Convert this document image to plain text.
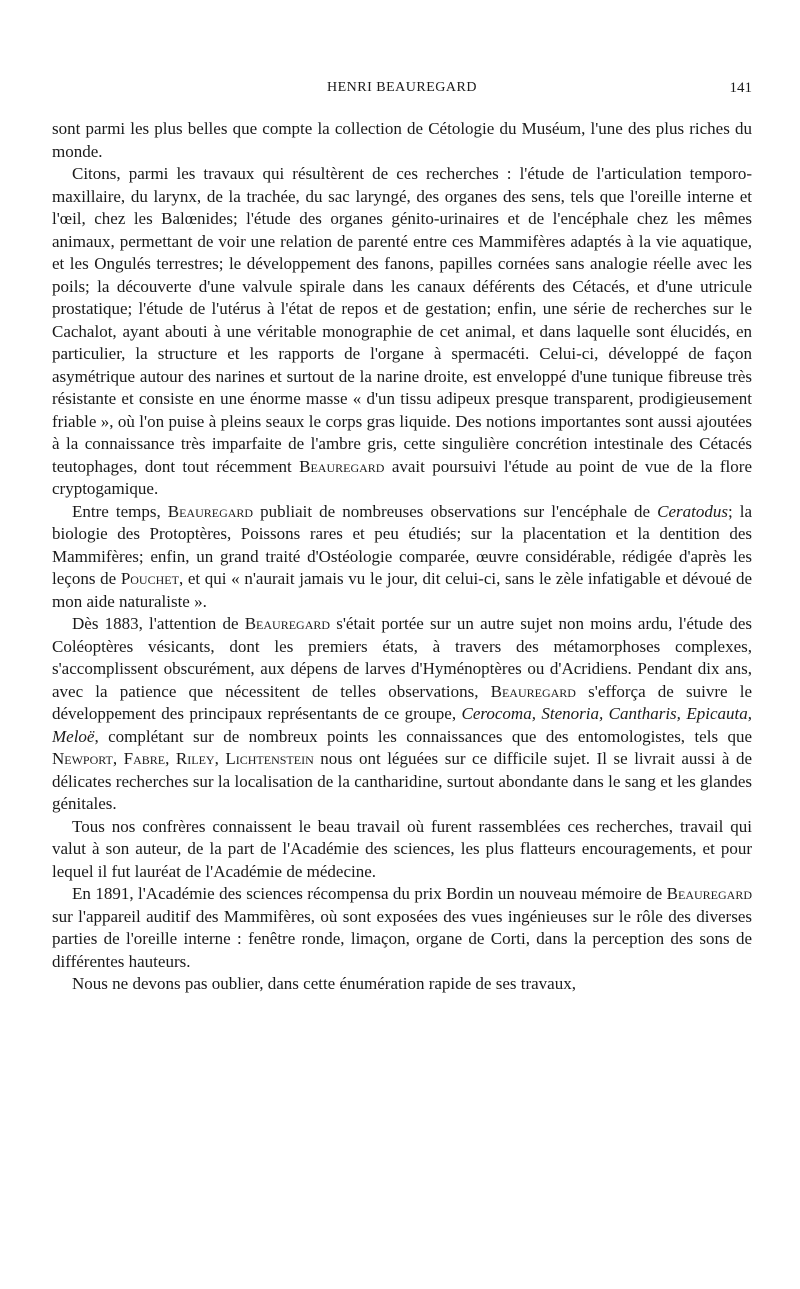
HENRI BEAUREGARD	141

sont parmi les plus belles que compte la collection de Cétologie du Muséum, l'une des plus riches du monde.

Citons, parmi les travaux qui résultèrent de ces recherches : l'étude de l'articulation temporo-maxillaire, du larynx, de la trachée, du sac laryngé, des organes des sens, tels que l'oreille interne et l'œil, chez les Balœnides; l'étude des organes génito-urinaires et de l'encéphale chez les mêmes animaux, permettant de voir une relation de parenté entre ces Mammifères adaptés à la vie aquatique, et les Ongulés terrestres; le développement des fanons, papilles cornées sans analogie réelle avec les poils; la découverte d'une valvule spirale dans les canaux déférents des Cétacés, et d'une utricule prostatique; l'étude de l'utérus à l'état de repos et de gestation; enfin, une série de recherches sur le Cachalot, ayant abouti à une véritable monographie de cet animal, et dans laquelle sont élucidés, en particulier, la structure et les rapports de l'organe à spermacéti. Celui-ci, développé de façon asymétrique autour des narines et surtout de la narine droite, est enveloppé d'une tunique fibreuse très résistante et consiste en une énorme masse « d'un tissu adipeux presque transparent, prodigieusement friable », où l'on puise à pleins seaux le corps gras liquide. Des notions importantes sont aussi ajoutées à la connaissance très imparfaite de l'ambre gris, cette singulière concrétion intestinale des Cétacés teutophages, dont tout récemment Beauregard avait poursuivi l'étude au point de vue de la flore cryptogamique.

Entre temps, Beauregard publiait de nombreuses observations sur l'encéphale de Ceratodus; la biologie des Protoptères, Poissons rares et peu étudiés; sur la placentation et la dentition des Mammifères; enfin, un grand traité d'Ostéologie comparée, œuvre considérable, rédigée d'après les leçons de Pouchet, et qui « n'aurait jamais vu le jour, dit celui-ci, sans le zèle infatigable et dévoué de mon aide naturaliste ».

Dès 1883, l'attention de Beauregard s'était portée sur un autre sujet non moins ardu, l'étude des Coléoptères vésicants, dont les premiers états, à travers des métamorphoses complexes, s'accomplissent obscurément, aux dépens de larves d'Hyménoptères ou d'Acridiens. Pendant dix ans, avec la patience que nécessitent de telles observations, Beauregard s'efforça de suivre le développement des principaux représentants de ce groupe, Cerocoma, Stenoria, Cantharis, Epicauta, Meloë, complétant sur de nombreux points les connaissances que des entomologistes, tels que Newport, Fabre, Riley, Lichtenstein nous ont léguées sur ce difficile sujet. Il se livrait aussi à de délicates recherches sur la localisation de la cantharidine, surtout abondante dans le sang et les glandes génitales.

Tous nos confrères connaissent le beau travail où furent rassemblées ces recherches, travail qui valut à son auteur, de la part de l'Académie des sciences, les plus flatteurs encouragements, et pour lequel il fut lauréat de l'Académie de médecine.

En 1891, l'Académie des sciences récompensa du prix Bordin un nouveau mémoire de Beauregard sur l'appareil auditif des Mammifères, où sont exposées des vues ingénieuses sur le rôle des diverses parties de l'oreille interne : fenêtre ronde, limaçon, organe de Corti, dans la perception des sons de différentes hauteurs.

Nous ne devons pas oublier, dans cette énumération rapide de ses travaux,
